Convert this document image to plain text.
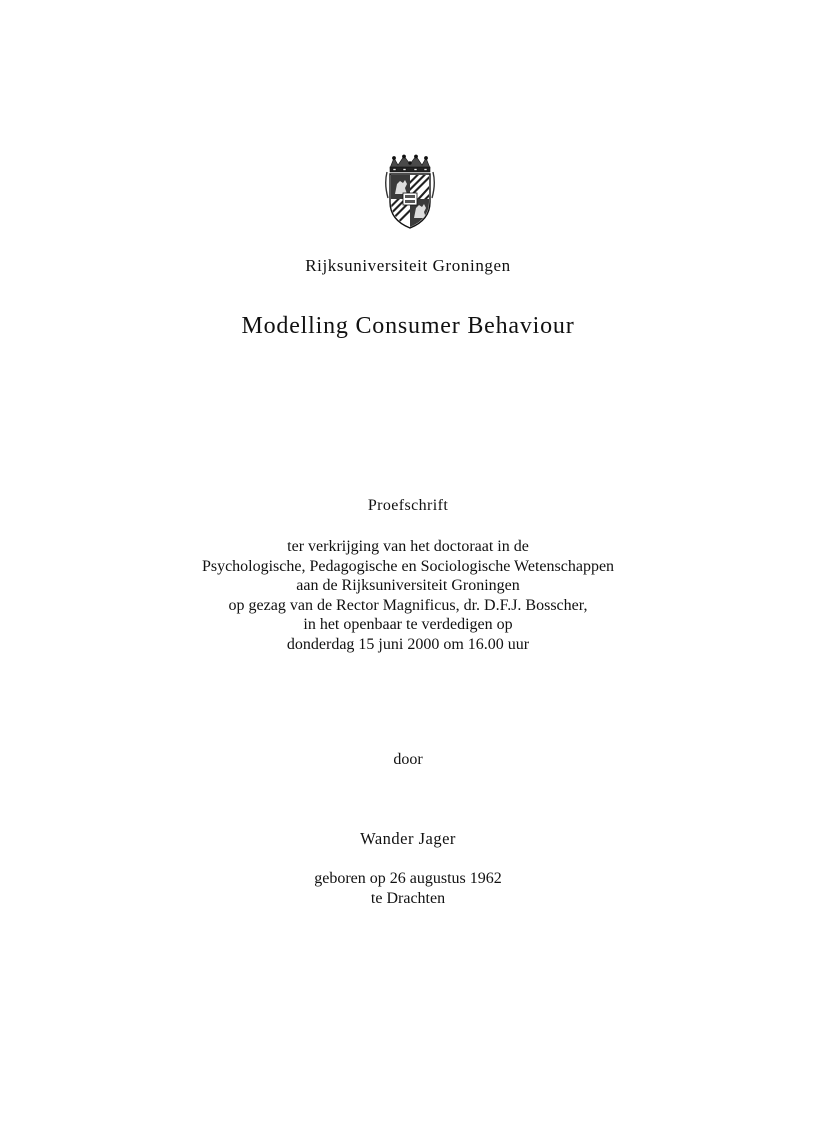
Rijksuniversiteit Groningen
Modelling Consumer Behaviour
Proefschrift
ter verkrijging van het doctoraat in de
Psychologische, Pedagogische en Sociologische Wetenschappen
aan de Rijksuniversiteit Groningen
op gezag van de Rector Magnificus, dr. D.F.J. Bosscher,
in het openbaar te verdedigen op
donderdag 15 juni 2000 om 16.00 uur
door
Wander Jager
geboren op 26 augustus 1962
te Drachten
